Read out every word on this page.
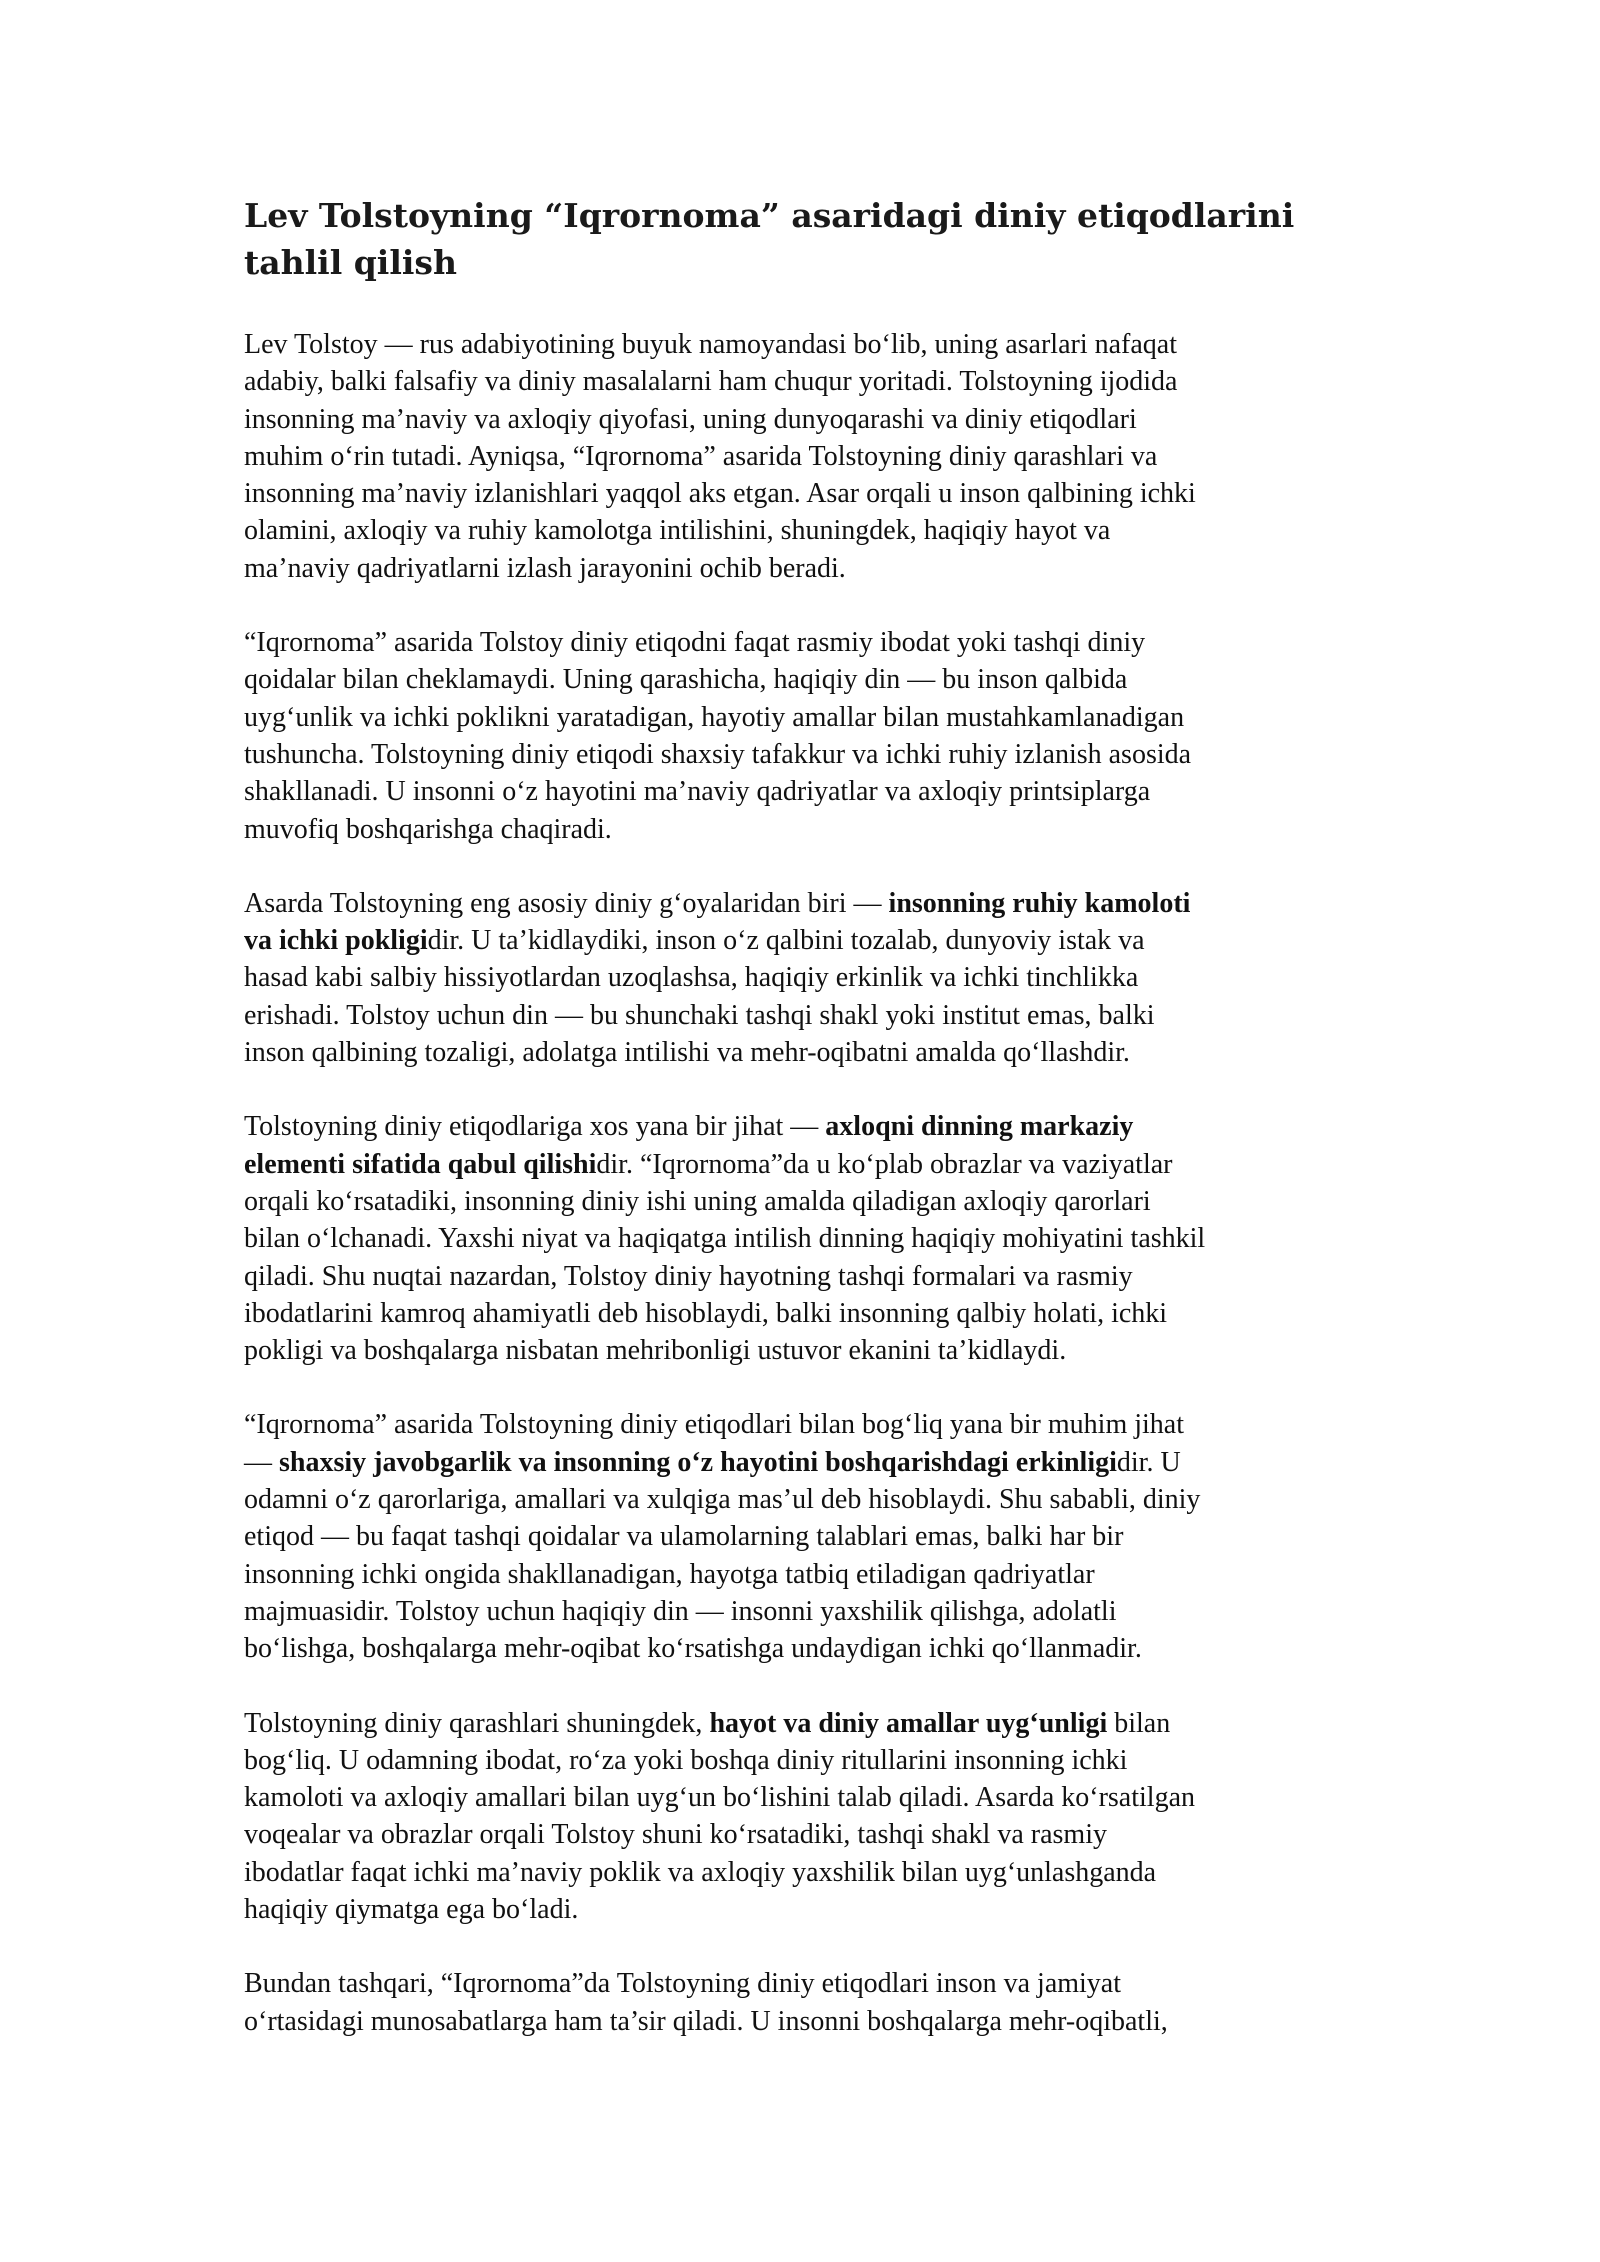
Lev Tolstoyning “Iqrornoma” asaridagi diniy etiqodlarini
tahlil qilish

Lev Tolstoy — rus adabiyotining buyuk namoyandasi bo‘lib, uning asarlari nafaqat
adabiy, balki falsafiy va diniy masalalarni ham chuqur yoritadi. Tolstoyning ijodida
insonning ma’naviy va axloqiy qiyofasi, uning dunyoqarashi va diniy etiqodlari
muhim o‘rin tutadi. Ayniqsa, “Iqrornoma” asarida Tolstoyning diniy qarashlari va
insonning ma’naviy izlanishlari yaqqol aks etgan. Asar orqali u inson qalbining ichki
olamini, axloqiy va ruhiy kamolotga intilishini, shuningdek, haqiqiy hayot va
ma’naviy qadriyatlarni izlash jarayonini ochib beradi.

“Iqrornoma” asarida Tolstoy diniy etiqodni faqat rasmiy ibodat yoki tashqi diniy
qoidalar bilan cheklamaydi. Uning qarashicha, haqiqiy din — bu inson qalbida
uyg‘unlik va ichki poklikni yaratadigan, hayotiy amallar bilan mustahkamlanadigan
tushuncha. Tolstoyning diniy etiqodi shaxsiy tafakkur va ichki ruhiy izlanish asosida
shakllanadi. U insonni o‘z hayotini ma’naviy qadriyatlar va axloqiy printsiplarga
muvofiq boshqarishga chaqiradi.

Asarda Tolstoyning eng asosiy diniy g‘oyalaridan biri — insonning ruhiy kamoloti
va ichki pokligidir. U ta’kidlaydiki, inson o‘z qalbini tozalab, dunyoviy istak va
hasad kabi salbiy hissiyotlardan uzoqlashsa, haqiqiy erkinlik va ichki tinchlikka
erishadi. Tolstoy uchun din — bu shunchaki tashqi shakl yoki institut emas, balki
inson qalbining tozaligi, adolatga intilishi va mehr-oqibatni amalda qo‘llashdir.

Tolstoyning diniy etiqodlariga xos yana bir jihat — axloqni dinning markaziy
elementi sifatida qabul qilishidir. “Iqrornoma”da u ko‘plab obrazlar va vaziyatlar
orqali ko‘rsatadiki, insonning diniy ishi uning amalda qiladigan axloqiy qarorlari
bilan o‘lchanadi. Yaxshi niyat va haqiqatga intilish dinning haqiqiy mohiyatini tashkil
qiladi. Shu nuqtai nazardan, Tolstoy diniy hayotning tashqi formalari va rasmiy
ibodatlarini kamroq ahamiyatli deb hisoblaydi, balki insonning qalbiy holati, ichki
pokligi va boshqalarga nisbatan mehribonligi ustuvor ekanini ta’kidlaydi.

“Iqrornoma” asarida Tolstoyning diniy etiqodlari bilan bog‘liq yana bir muhim jihat
— shaxsiy javobgarlik va insonning o‘z hayotini boshqarishdagi erkinligidir. U
odamni o‘z qarorlariga, amallari va xulqiga mas’ul deb hisoblaydi. Shu sababli, diniy
etiqod — bu faqat tashqi qoidalar va ulamolarning talablari emas, balki har bir
insonning ichki ongida shakllanadigan, hayotga tatbiq etiladigan qadriyatlar
majmuasidir. Tolstoy uchun haqiqiy din — insonni yaxshilik qilishga, adolatli
bo‘lishga, boshqalarga mehr-oqibat ko‘rsatishga undaydigan ichki qo‘llanmadir.

Tolstoyning diniy qarashlari shuningdek, hayot va diniy amallar uyg‘unligi bilan
bog‘liq. U odamning ibodat, ro‘za yoki boshqa diniy ritullarini insonning ichki
kamoloti va axloqiy amallari bilan uyg‘un bo‘lishini talab qiladi. Asarda ko‘rsatilgan
voqealar va obrazlar orqali Tolstoy shuni ko‘rsatadiki, tashqi shakl va rasmiy
ibodatlar faqat ichki ma’naviy poklik va axloqiy yaxshilik bilan uyg‘unlashganda
haqiqiy qiymatga ega bo‘ladi.

Bundan tashqari, “Iqrornoma”da Tolstoyning diniy etiqodlari inson va jamiyat
o‘rtasidagi munosabatlarga ham ta’sir qiladi. U insonni boshqalarga mehr-oqibatli,
